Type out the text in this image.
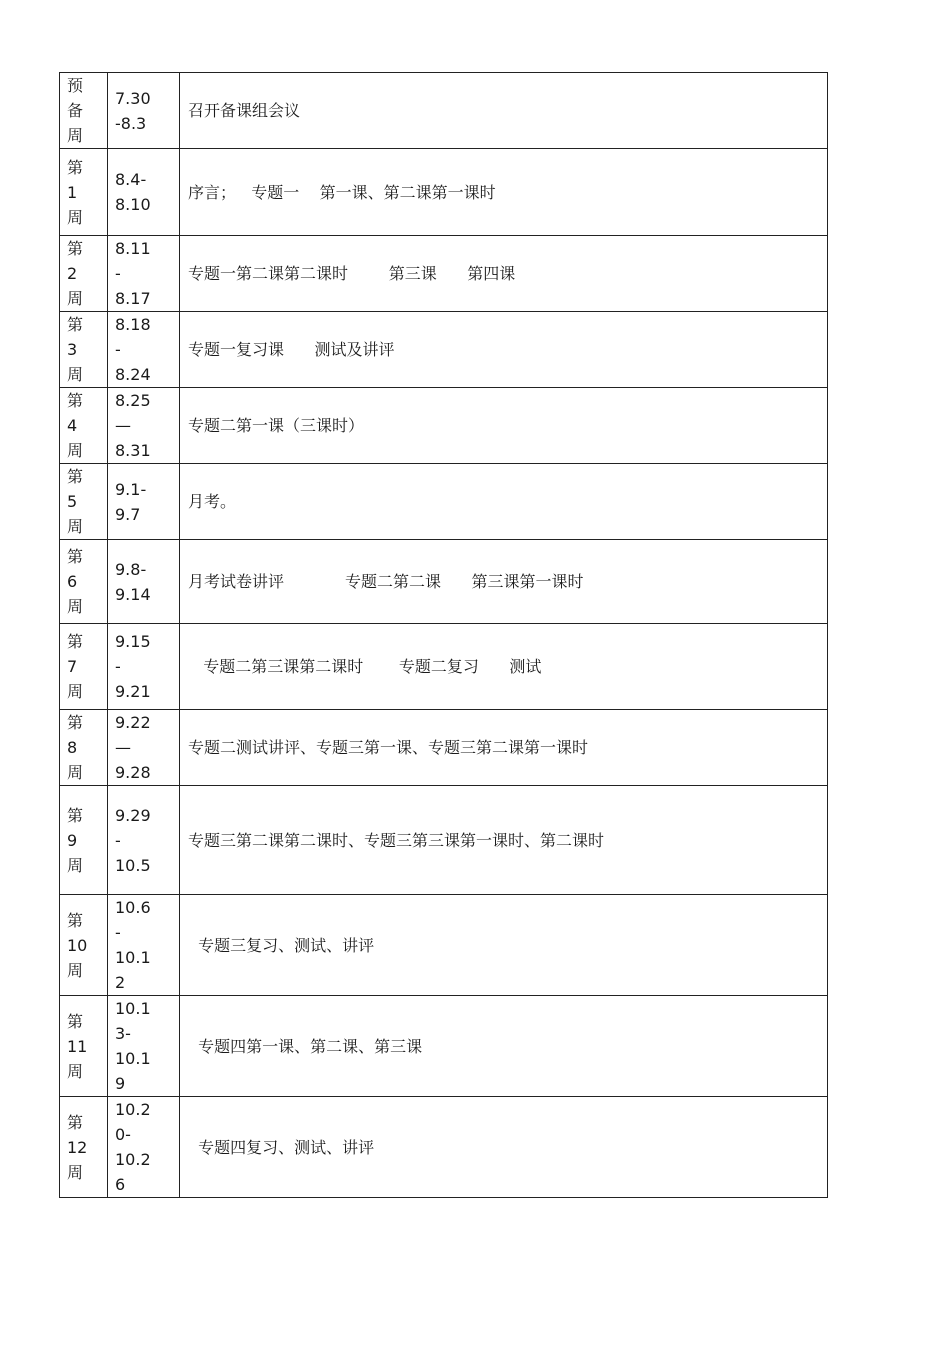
预
备
周	7.30
-8.3	召开备课组会议

第
1
周	8.4-
8.10	序言；   专题一    第一课、第二课第一课时

第
2
周	8.11
-
8.17	专题一第二课第二课时        第三课      第四课

第
3
周	8.18
-
8.24	专题一复习课      测试及讲评

第
4
周	8.25
—
8.31	专题二第一课（三课时）

第
5
周	9.1-
9.7	月考。

第
6
周	9.8-
9.14	月考试卷讲评            专题二第二课      第三课第一课时

第
7
周	9.15
-
9.21	专题二第三课第二课时       专题二复习      测试

第
8
周	9.22
—
9.28	专题二测试讲评、专题三第一课、专题三第二课第一课时

第
9
周	9.29
-
10.5	专题三第二课第二课时、专题三第三课第一课时、第二课时

第
10
周	10.6
-
10.1
2	专题三复习、测试、讲评

第
11
周	10.1
3-
10.1
9	专题四第一课、第二课、第三课

第
12
周	10.2
0-
10.2
6	专题四复习、测试、讲评
